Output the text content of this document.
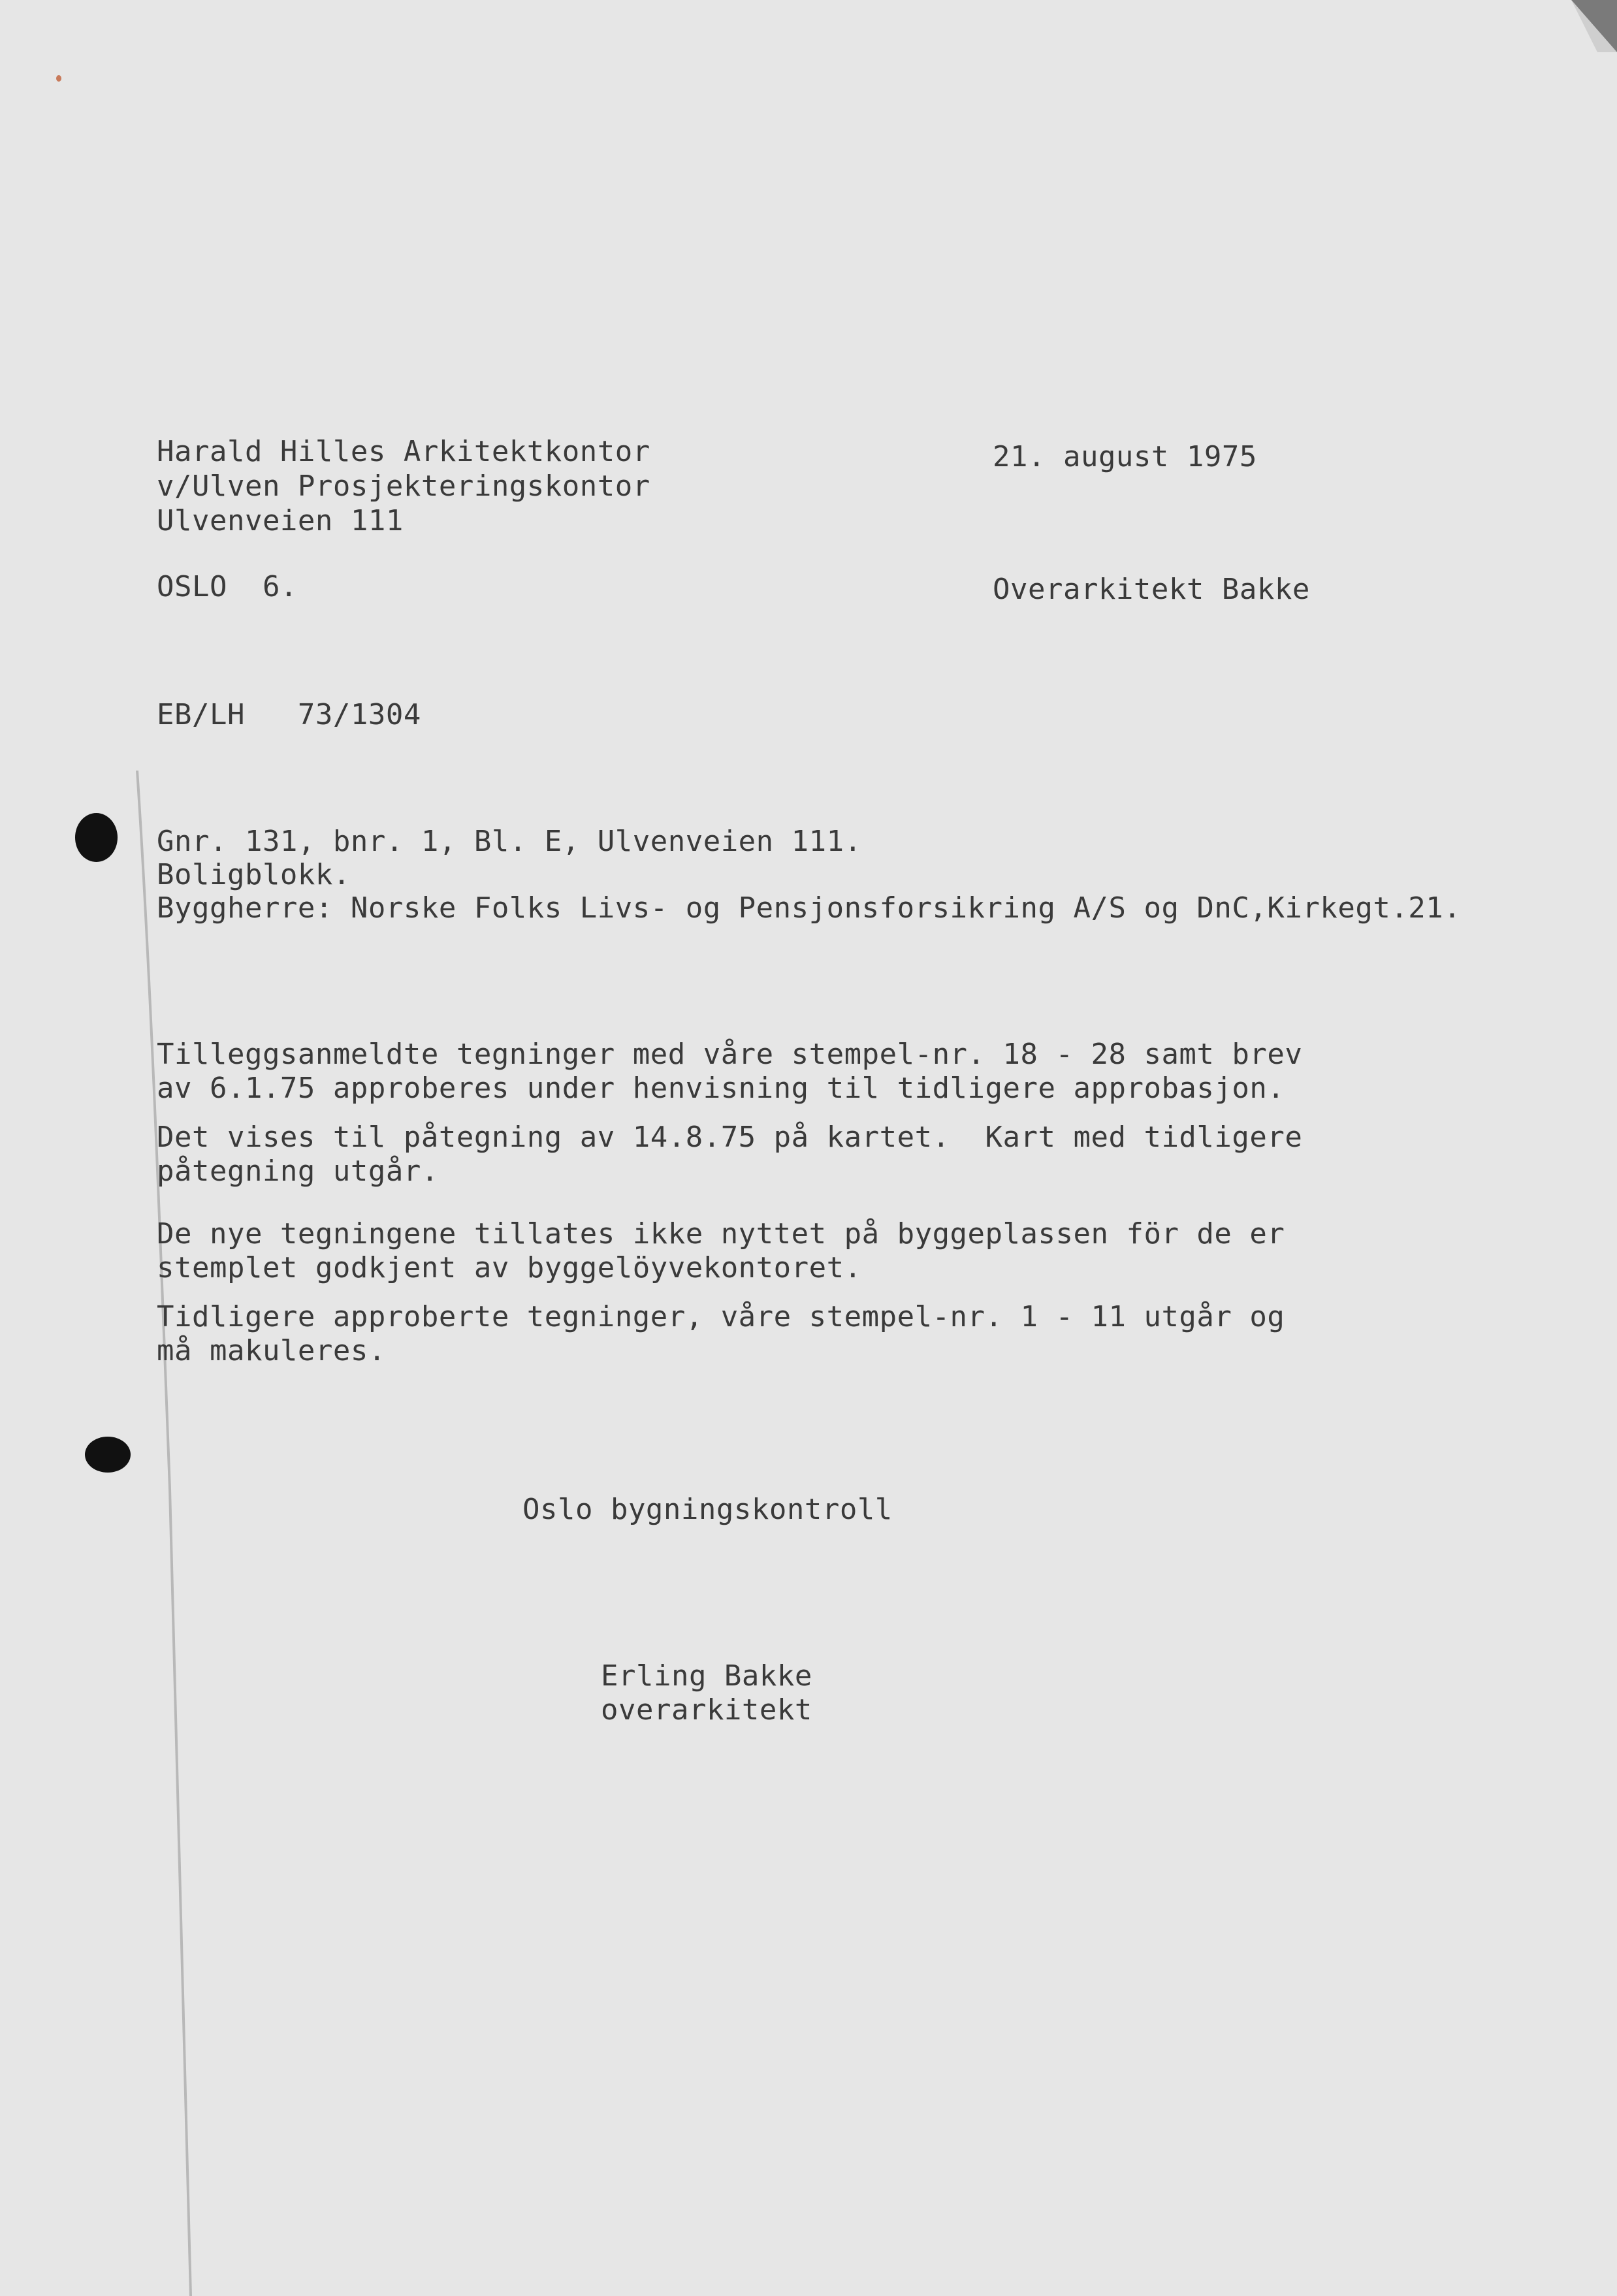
Harald Hilles Arkitektkontor
v/Ulven Prosjekteringskontor
Ulvenveien 111
OSLO  6.
21. august 1975
Overarkitekt Bakke
EB/LH   73/1304
Gnr. 131, bnr. 1, Bl. E, Ulvenveien 111.
Boligblokk.
Byggherre: Norske Folks Livs- og Pensjonsforsikring A/S og DnC,Kirkegt.21.
Tilleggsanmeldte tegninger med våre stempel-nr. 18 - 28 samt brev
av 6.1.75 approberes under henvisning til tidligere approbasjon.
Det vises til påtegning av 14.8.75 på kartet.  Kart med tidligere
påtegning utgår.
De nye tegningene tillates ikke nyttet på byggeplassen för de er
stemplet godkjent av byggelöyvekontoret.
Tidligere approberte tegninger, våre stempel-nr. 1 - 11 utgår og
må makuleres.
Oslo bygningskontroll
Erling Bakke
overarkitekt
